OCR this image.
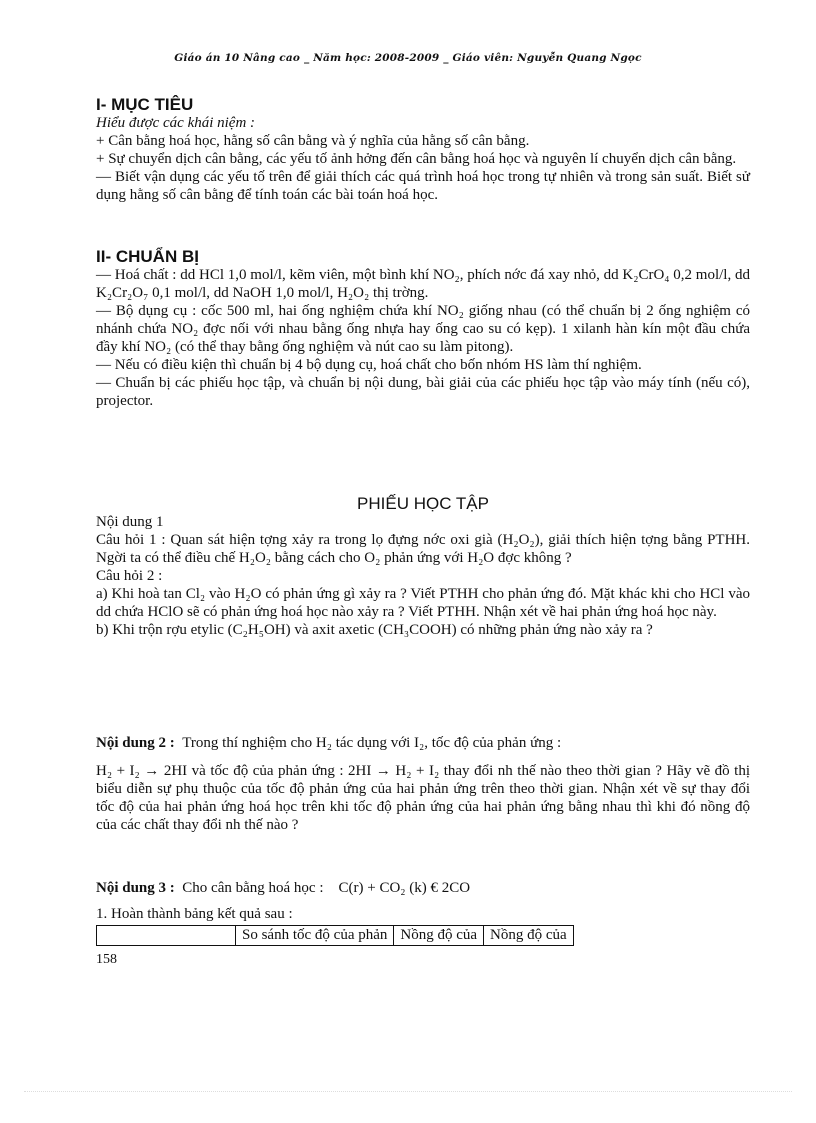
Giáo án 10 Nâng cao _ Năm học: 2008-2009 _ Giáo viên: Nguyễn Quang Ngọc

I- MỤC TIÊU

Hiểu được các khái niệm :

+ Cân bằng hoá học, hằng số cân bằng và ý nghĩa của hằng số cân bằng.

+ Sự chuyển dịch cân bằng, các yếu tố ảnh hởng đến cân bằng hoá học và nguyên lí chuyển dịch cân bằng.

— Biết vận dụng các yếu tố trên để giải thích các quá trình hoá học trong tự nhiên và trong sản suất. Biết sử dụng hằng số cân bằng để tính toán các bài toán hoá học.

II- CHUẨN BỊ

— Hoá chất : dd HCl 1,0 mol/l, kẽm viên, một bình khí NO₂, phích nớc đá xay nhỏ, dd K₂CrO₄ 0,2 mol/l, dd K₂Cr₂O₇ 0,1 mol/l, dd NaOH 1,0 mol/l, H₂O₂ thị trờng.

— Bộ dụng cụ : cốc 500 ml, hai ống nghiệm chứa khí NO₂ giống nhau (có thể chuẩn bị 2 ống nghiệm có nhánh chứa NO₂ đợc nối với nhau bằng ống nhựa hay ống cao su có kẹp). 1 xilanh hàn kín một đầu chứa đầy khí NO₂ (có thể thay bằng ống nghiệm và nút cao su làm pitong).

— Nếu có điều kiện thì chuẩn bị 4 bộ dụng cụ, hoá chất cho bốn nhóm HS làm thí nghiệm.

— Chuẩn bị các phiếu học tập, và chuẩn bị nội dung, bài giải của các phiếu học tập vào máy tính (nếu có), projector.

PHIẾU HỌC TẬP

Nội dung 1

Câu hỏi 1 : Quan sát hiện tợng xảy ra trong lọ đựng nớc oxi già (H₂O₂), giải thích hiện tợng bằng PTHH. Ngời ta có thể điều chế H₂O₂ bằng cách cho O₂ phản ứng với H₂O đợc không ?

Câu hỏi 2 :

a) Khi hoà tan Cl₂ vào H₂O có phản ứng gì xảy ra ? Viết PTHH cho phản ứng đó. Mặt khác khi cho HCl vào dd chứa HClO sẽ có phản ứng hoá học nào xảy ra ? Viết PTHH. Nhận xét về hai phản ứng hoá học này.

b) Khi trộn rợu etylic (C₂H₅OH) và axit axetic (CH₃COOH) có những phản ứng nào xảy ra ?

Nội dung 2 : Trong thí nghiệm cho H₂ tác dụng với I₂, tốc độ của phản ứng :

H₂ + I₂ → 2HI và tốc độ của phản ứng : 2HI → H₂ + I₂ thay đổi nh thế nào theo thời gian ? Hãy vẽ đồ thị biểu diễn sự phụ thuộc của tốc độ phản ứng của hai phản ứng trên theo thời gian. Nhận xét về sự thay đổi tốc độ của hai phản ứng hoá học trên khi tốc độ phản ứng của hai phản ứng bằng nhau thì khi đó nồng độ của các chất thay đổi nh thế nào ?

Nội dung 3 : Cho cân bằng hoá học : C(r) + CO₂ (k) € 2CO

1. Hoàn thành bảng kết quả sau :

	So sánh tốc độ của phản	Nồng độ của	Nồng độ của
158
